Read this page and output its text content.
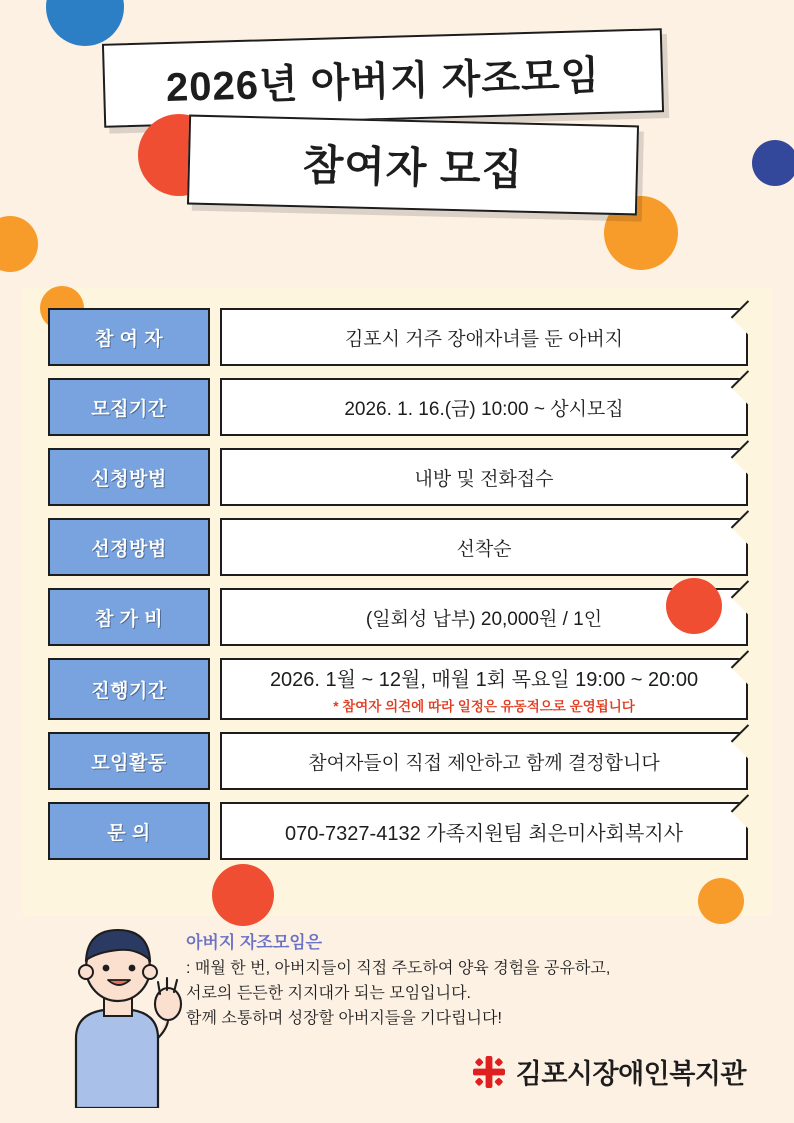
2026년 아버지 자조모임
참여자 모집
참 여 자	김포시 거주 장애자녀를 둔 아버지
모집기간	2026. 1. 16.(금) 10:00 ~ 상시모집
신청방법	내방 및 전화접수
선정방법	선착순
참 가 비	(일회성 납부) 20,000원 / 1인
진행기간	2026. 1월 ~ 12월, 매월 1회 목요일 19:00 ~ 20:00
* 참여자 의견에 따라 일정은 유동적으로 운영됩니다
모임활동	참여자들이 직접 제안하고 함께 결정합니다
문 의	070-7327-4132 가족지원팀 최은미사회복지사
아버지 자조모임은
: 매월 한 번, 아버지들이 직접 주도하여 양육 경험을 공유하고,
서로의 든든한 지지대가 되는 모임입니다.
함께 소통하며 성장할 아버지들을 기다립니다!
김포시장애인복지관
